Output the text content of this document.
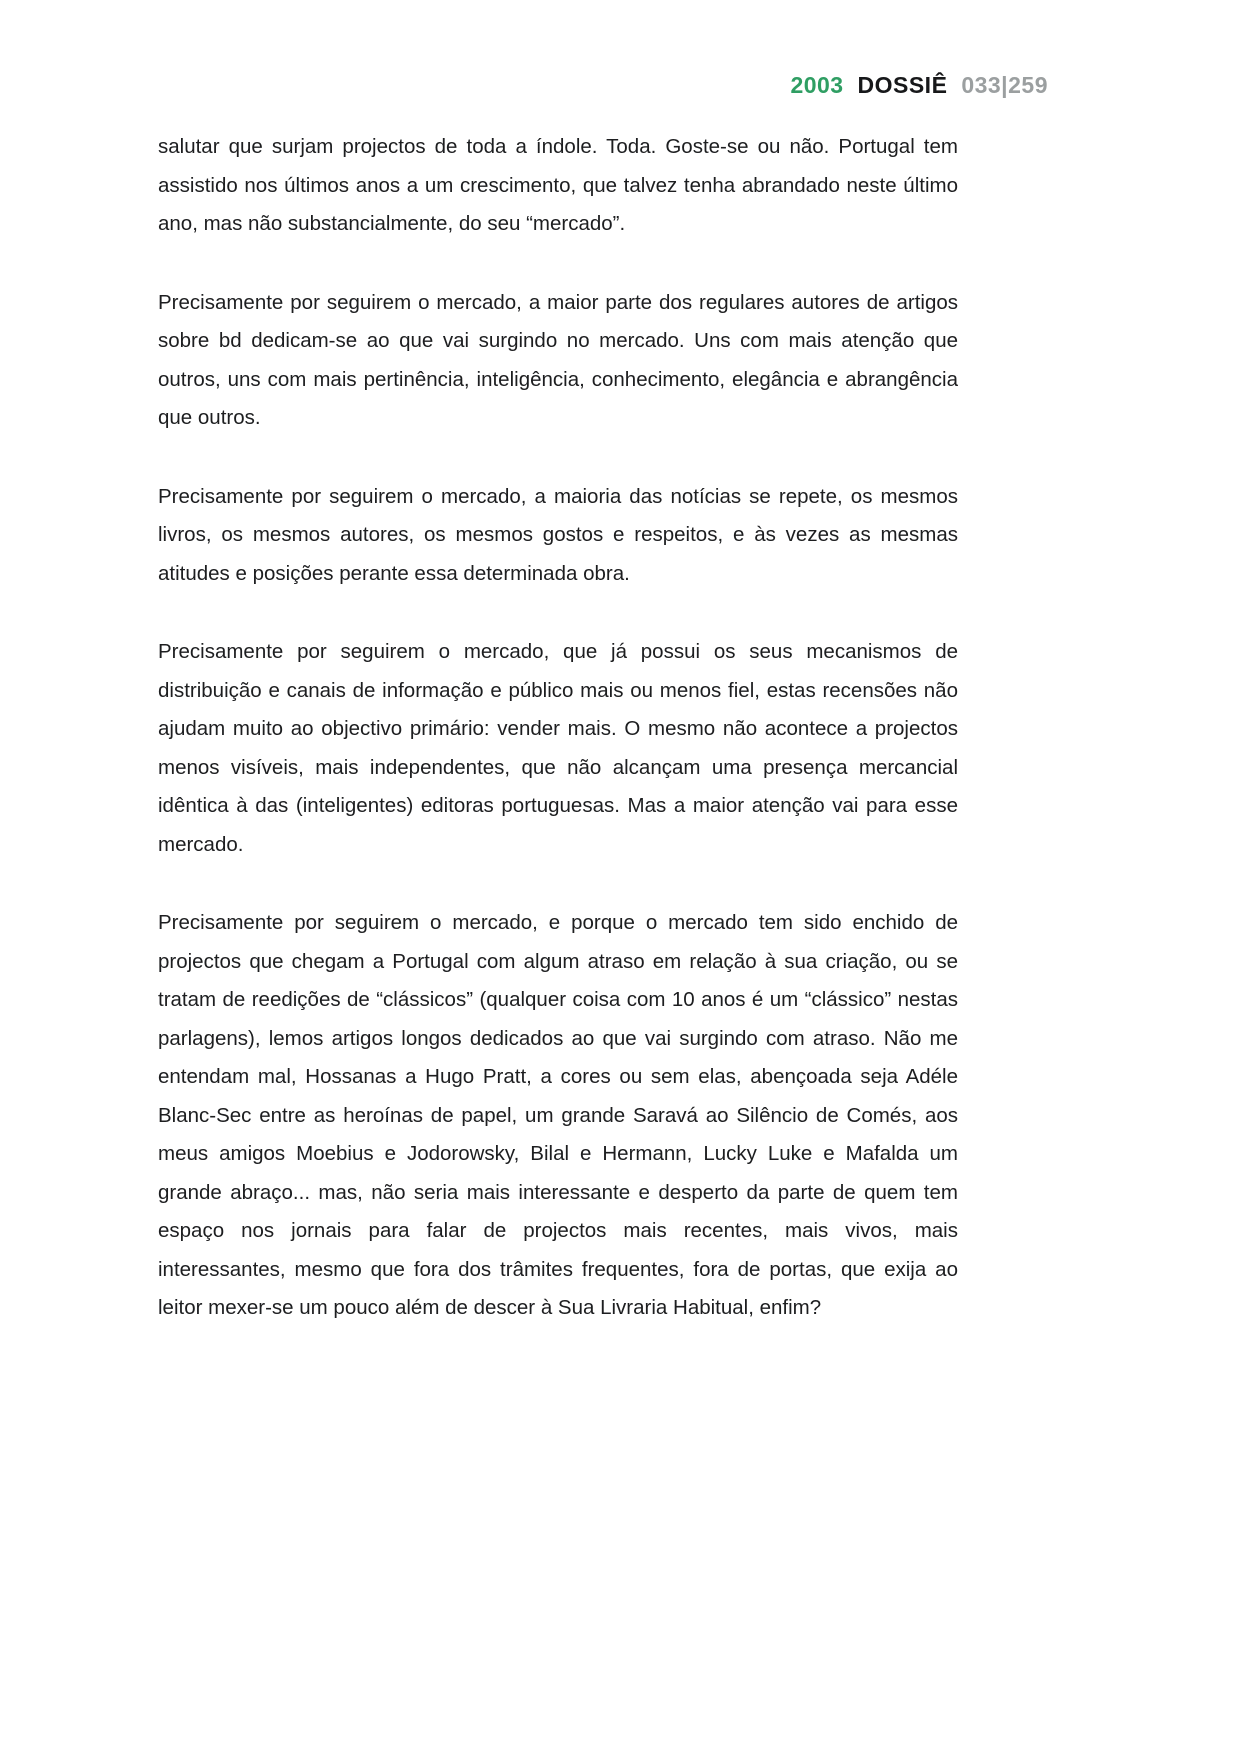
2003 DOSSIÊ 033|259

salutar que surjam projectos de toda a índole. Toda. Goste-se ou não. Portugal tem assistido nos últimos anos a um crescimento, que talvez tenha abrandado neste último ano, mas não substancialmente, do seu “mercado”.

Precisamente por seguirem o mercado, a maior parte dos regulares autores de artigos sobre bd dedicam-se ao que vai surgindo no mercado. Uns com mais atenção que outros, uns com mais pertinência, inteligência, conhecimento, elegância e abrangência que outros.

Precisamente por seguirem o mercado, a maioria das notícias se repete, os mesmos livros, os mesmos autores, os mesmos gostos e respeitos, e às vezes as mesmas atitudes e posições perante essa determinada obra.

Precisamente por seguirem o mercado, que já possui os seus mecanismos de distribuição e canais de informação e público mais ou menos fiel, estas recensões não ajudam muito ao objectivo primário: vender mais. O mesmo não acontece a projectos menos visíveis, mais independentes, que não alcançam uma presença mercancial idêntica à das (inteligentes) editoras portuguesas. Mas a maior atenção vai para esse mercado.

Precisamente por seguirem o mercado, e porque o mercado tem sido enchido de projectos que chegam a Portugal com algum atraso em relação à sua criação, ou se tratam de reedições de “clássicos” (qualquer coisa com 10 anos é um “clássico” nestas parlagens), lemos artigos longos dedicados ao que vai surgindo com atraso. Não me entendam mal, Hossanas a Hugo Pratt, a cores ou sem elas, abençoada seja Adéle Blanc-Sec entre as heroínas de papel, um grande Saravá ao Silêncio de Comés, aos meus amigos Moebius e Jodorowsky, Bilal e Hermann, Lucky Luke e Mafalda um grande abraço... mas, não seria mais interessante e desperto da parte de quem tem espaço nos jornais para falar de projectos mais recentes, mais vivos, mais interessantes, mesmo que fora dos trâmites frequentes, fora de portas, que exija ao leitor mexer-se um pouco além de descer à Sua Livraria Habitual, enfim?
